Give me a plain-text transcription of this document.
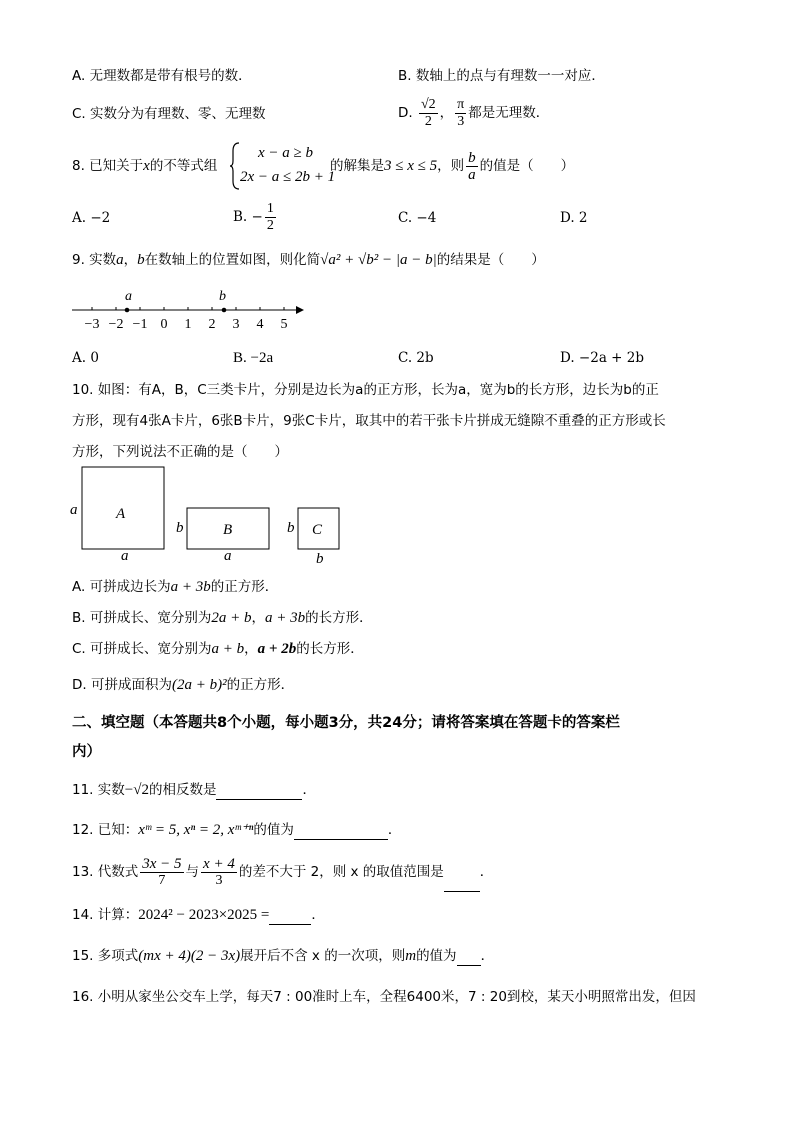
A. 无理数都是带有根号的数．	B. 数轴上的点与有理数一一对应．
C. 实数分为有理数、零、无理数	D. $\frac{√2}{2}$ ， $\frac{\pi}{3}$ 都是无理数．
8. 已知关于x的不等式组
x − a ≥ b
2x − a ≤ 2b + 1
的解集是3 ≤ x ≤ 5，则 $\frac{b}{a}$ 的值是（　　）
A. −2	B. − $\frac{1}{2}$	C. −4	D. 2
9. 实数a，b在数轴上的位置如图，则化简√a² + √b² − |a − b|的结果是（　　）
−3 −2 −1 0 1 2 3 4 5
a	b
A. 0	B. −2a	C. 2b	D. −2a + 2b
10. 如图：有A，B，C三类卡片，分别是边长为a的正方形，长为a，宽为b的长方形，边长为b的正
方形，现有4张A卡片，6张B卡片，9张C卡片，取其中的若干张卡片拼成无缝隙不重叠的正方形或长
方形，下列说法不正确的是（　　）
A
a
a
B
b
a
C
b
b
A. 可拼成边长为a + 3b的正方形．
B. 可拼成长、宽分别为2a + b，a + 3b的长方形．
C. 可拼成长、宽分别为a + b，a + 2b的长方形．
D. 可拼成面积为(2a + b)²的正方形．
二、填空题（本答题共8个小题，每小题3分，共24分；请将答案填在答题卡的答案栏
内）
11. 实数−√2的相反数是	．
12. 已知：xᵐ = 5, xⁿ = 2, xᵐ⁺ⁿ的值为	．
13. 代数式 $\frac{3x - 5}{7}$ 与 $\frac{x + 4}{3}$ 的差不大于 2，则 x 的取值范围是	．
14. 计算：2024² − 2023×2025 =	．
15. 多项式(mx + 4)(2 − 3x)展开后不含 x 的一次项，则m的值为 ．
16. 小明从家坐公交车上学，每天7 : 00准时上车，全程6400米，7 : 20到校，某天小明照常出发，但因
